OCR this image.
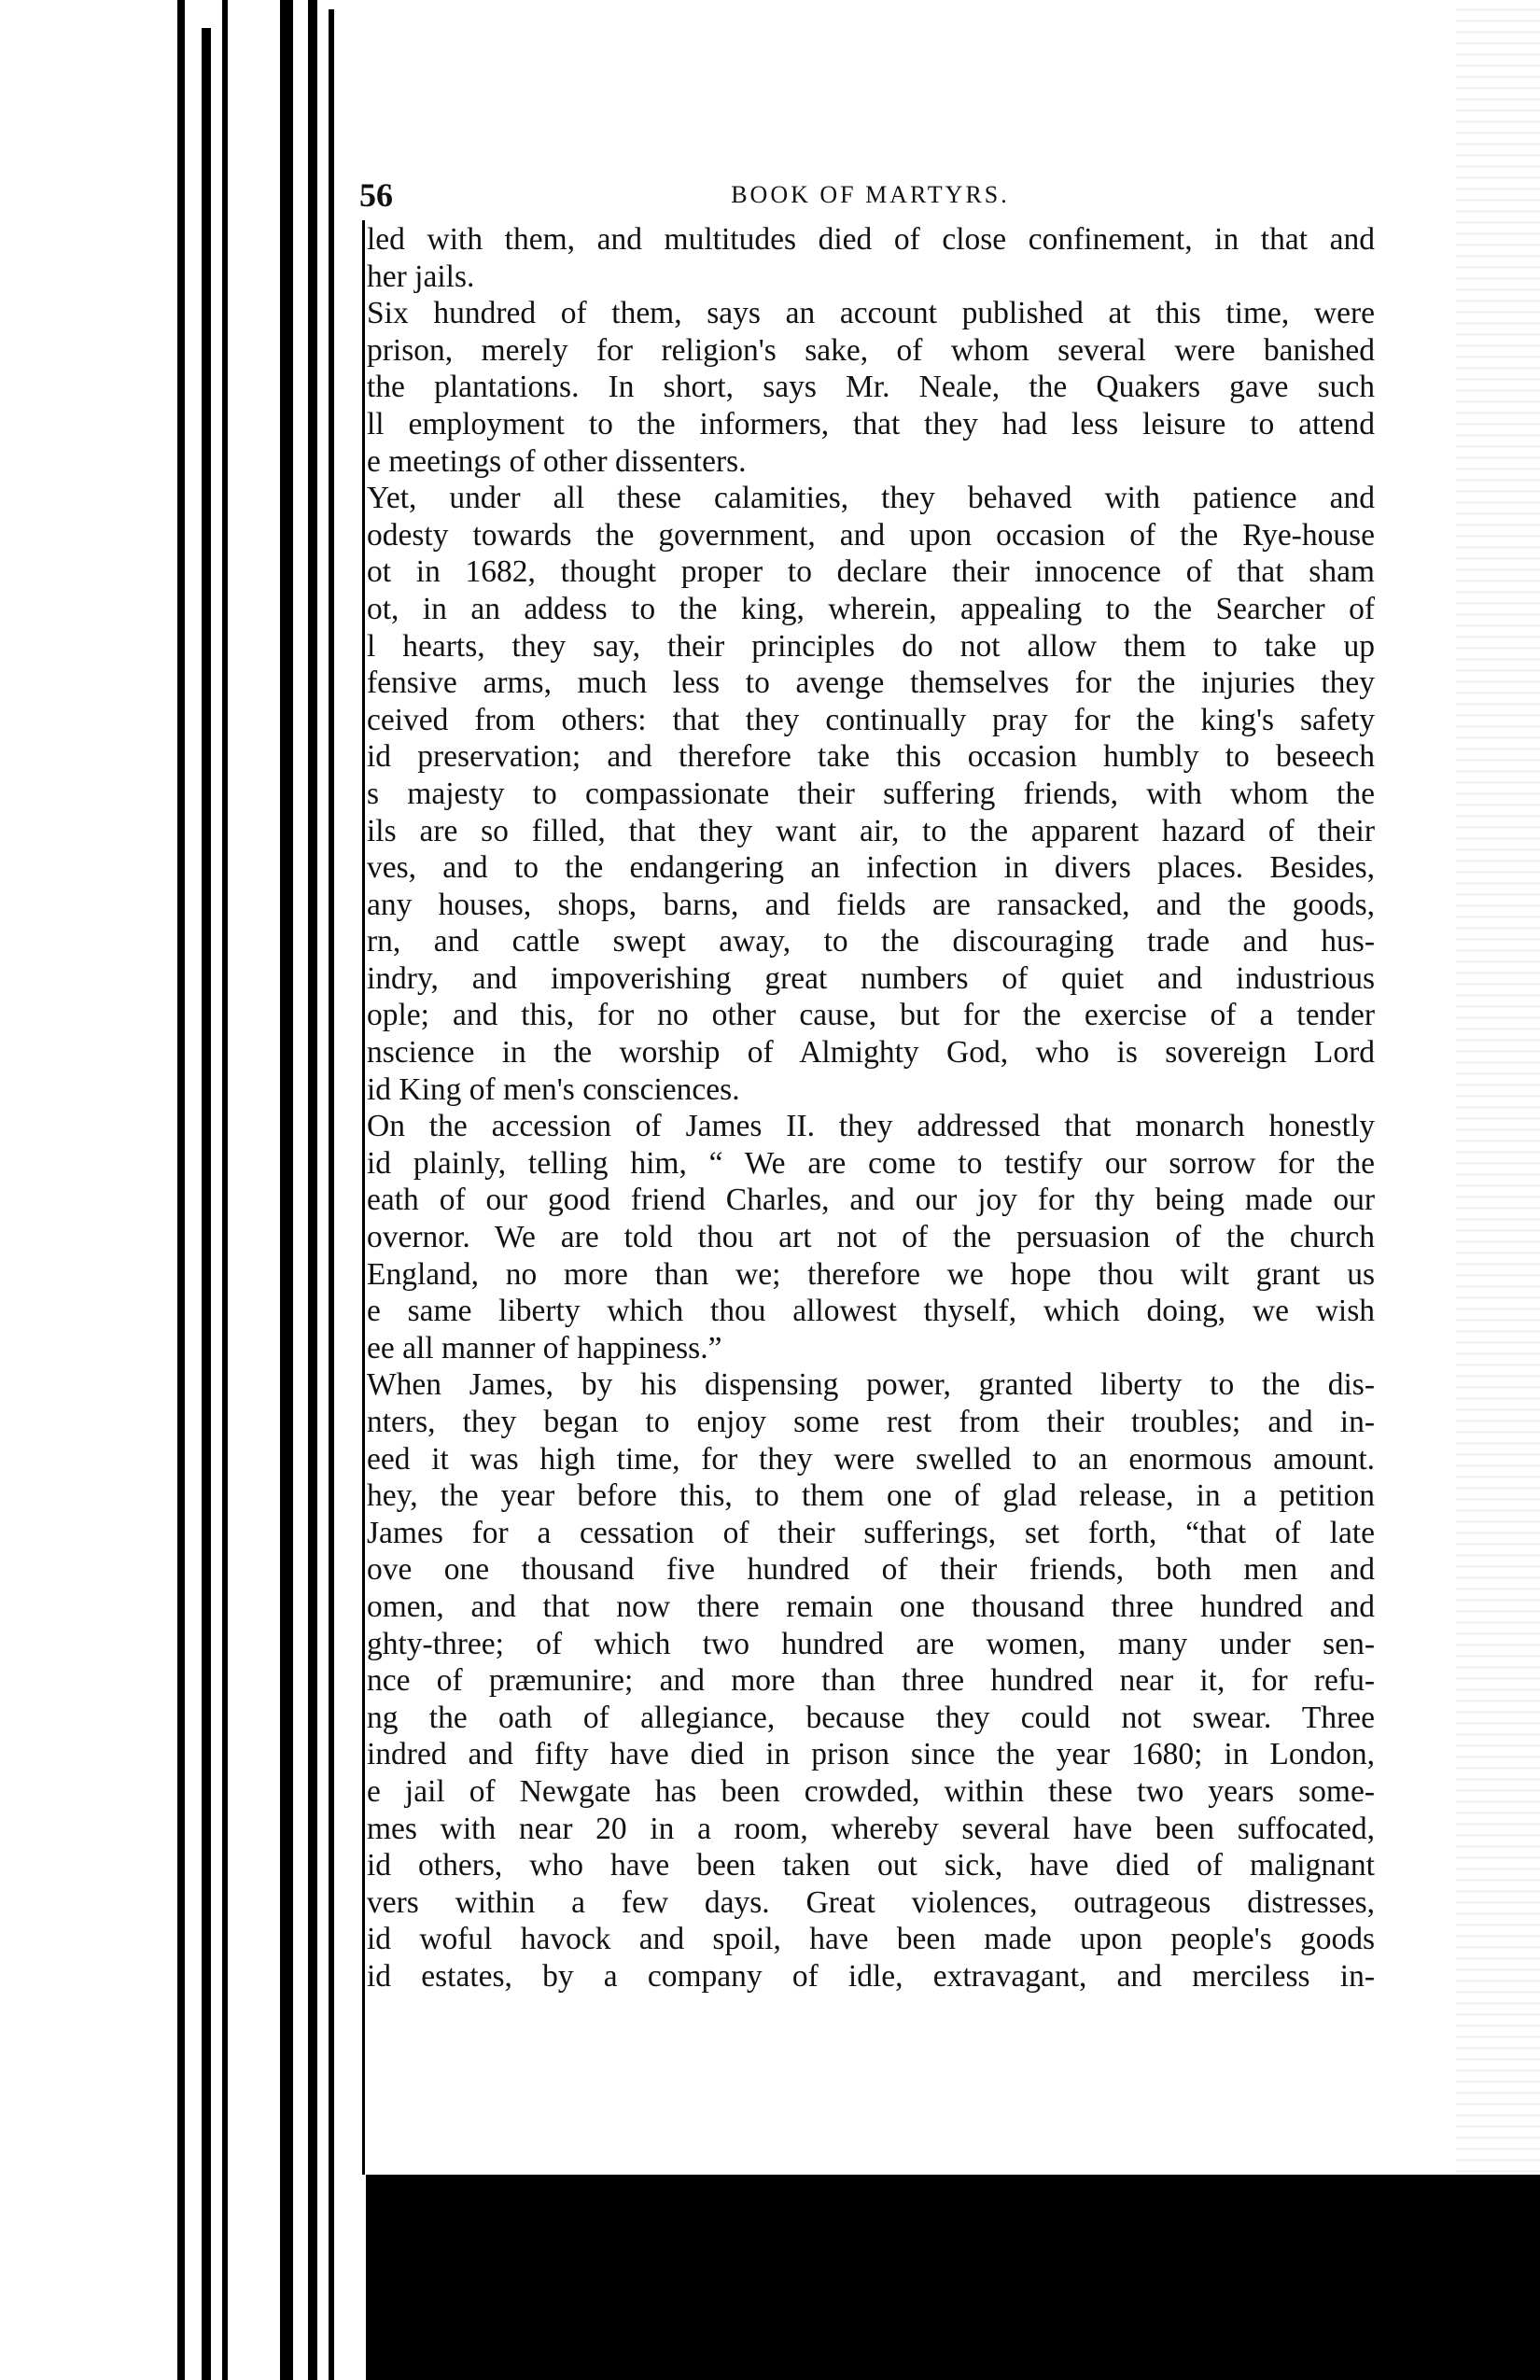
56	BOOK OF MARTYRS.
led with them, and multitudes died of close confinement, in that and
her jails.
Six hundred of them, says an account published at this time, were
prison, merely for religion's sake, of whom several were banished
the plantations. In short, says Mr. Neale, the Quakers gave such
ll employment to the informers, that they had less leisure to attend
e meetings of other dissenters.
Yet, under all these calamities, they behaved with patience and
odesty towards the government, and upon occasion of the Rye-house
ot in 1682, thought proper to declare their innocence of that sham
ot, in an addess to the king, wherein, appealing to the Searcher of
l hearts, they say, their principles do not allow them to take up
fensive arms, much less to avenge themselves for the injuries they
ceived from others: that they continually pray for the king's safety
id preservation; and therefore take this occasion humbly to beseech
s majesty to compassionate their suffering friends, with whom the
ils are so filled, that they want air, to the apparent hazard of their
ves, and to the endangering an infection in divers places. Besides,
any houses, shops, barns, and fields are ransacked, and the goods,
rn, and cattle swept away, to the discouraging trade and hus-
indry, and impoverishing great numbers of quiet and industrious
ople; and this, for no other cause, but for the exercise of a tender
nscience in the worship of Almighty God, who is sovereign Lord
id King of men's consciences.
On the accession of James II. they addressed that monarch honestly
id plainly, telling him, “ We are come to testify our sorrow for the
eath of our good friend Charles, and our joy for thy being made our
overnor. We are told thou art not of the persuasion of the church
England, no more than we; therefore we hope thou wilt grant us
e same liberty which thou allowest thyself, which doing, we wish
ee all manner of happiness.”
When James, by his dispensing power, granted liberty to the dis-
nters, they began to enjoy some rest from their troubles; and in-
eed it was high time, for they were swelled to an enormous amount.
hey, the year before this, to them one of glad release, in a petition
James for a cessation of their sufferings, set forth, “that of late
ove one thousand five hundred of their friends, both men and
omen, and that now there remain one thousand three hundred and
ghty-three; of which two hundred are women, many under sen-
nce of præmunire; and more than three hundred near it, for refu-
ng the oath of allegiance, because they could not swear. Three
indred and fifty have died in prison since the year 1680; in London,
e jail of Newgate has been crowded, within these two years some-
mes with near 20 in a room, whereby several have been suffocated,
id others, who have been taken out sick, have died of malignant
vers within a few days. Great violences, outrageous distresses,
id woful havock and spoil, have been made upon people's goods
id estates, by a company of idle, extravagant, and merciless in-
